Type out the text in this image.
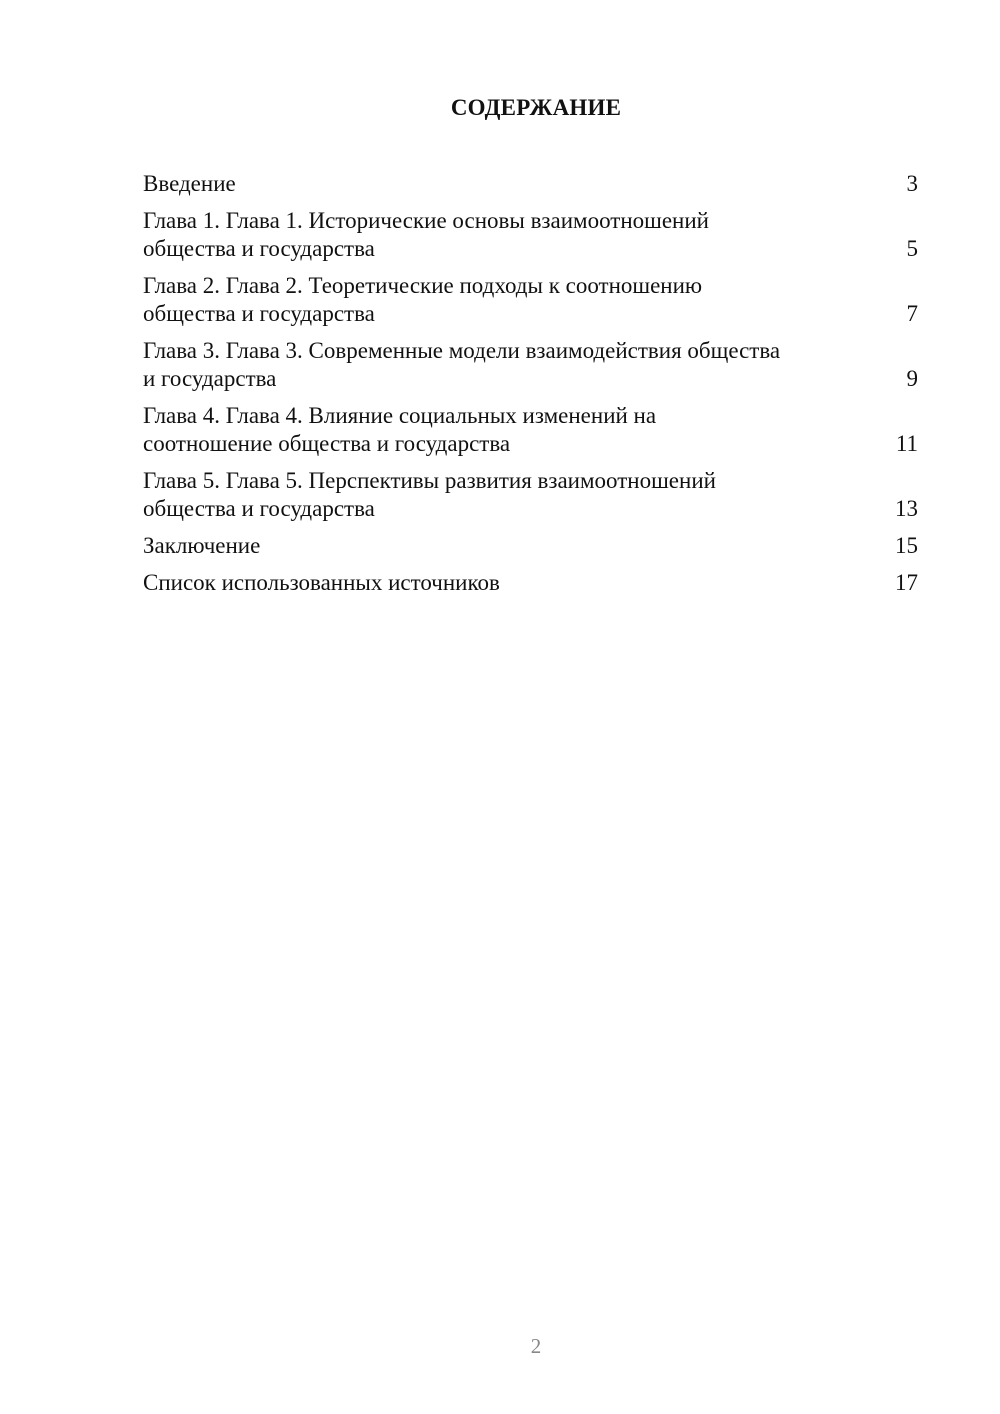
СОДЕРЖАНИЕ
Введение	3
Глава 1. Глава 1. Исторические основы взаимоотношений общества и государства	5
Глава 2. Глава 2. Теоретические подходы к соотношению общества и государства	7
Глава 3. Глава 3. Современные модели взаимодействия общества и государства	9
Глава 4. Глава 4. Влияние социальных изменений на соотношение общества и государства	11
Глава 5. Глава 5. Перспективы развития взаимоотношений общества и государства	13
Заключение	15
Список использованных источников	17
2
